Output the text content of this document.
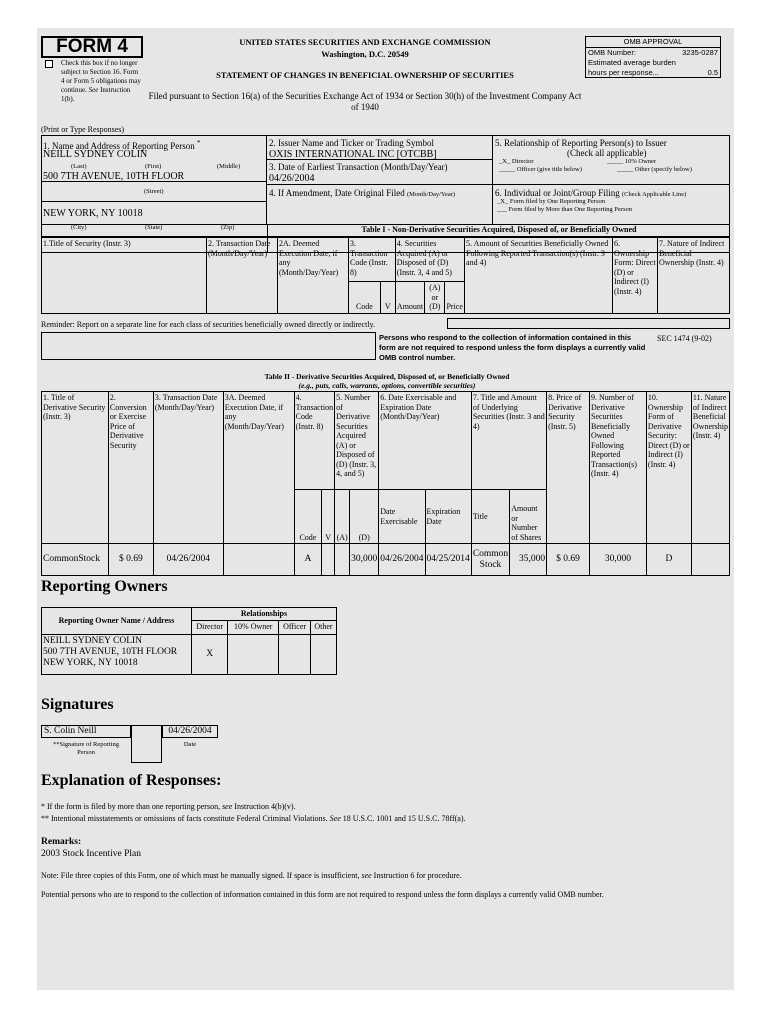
FORM 4
Check this box if no longer subject to Section 16. Form 4 or Form 5 obligations may continue. See Instruction 1(b).
UNITED STATES SECURITIES AND EXCHANGE COMMISSION
Washington, D.C. 20549
STATEMENT OF CHANGES IN BENEFICIAL OWNERSHIP OF SECURITIES
Filed pursuant to Section 16(a) of the Securities Exchange Act of 1934 or Section 30(h) of the Investment Company Act of 1940
OMB APPROVAL
OMB Number:	3235-0287
Estimated average burden
hours per response...	0.5
(Print or Type Responses)
1. Name and Address of Reporting Person *
NEILL SYDNEY COLIN
(Last)	(First)	(Middle)
500 7TH AVENUE, 10TH FLOOR
(Street)
NEW YORK, NY 10018
(City)	(State)	(Zip)
2. Issuer Name and Ticker or Trading Symbol
OXIS INTERNATIONAL INC [OTCBB]
3. Date of Earliest Transaction (Month/Day/Year)
04/26/2004
4. If Amendment, Date Original Filed (Month/Day/Year)
5. Relationship of Reporting Person(s) to Issuer
(Check all applicable)
_X_ Director	_____ 10% Owner
_____ Officer (give title below)	_____ Other (specify below)
6. Individual or Joint/Group Filing (Check Applicable Line)
_X_ Form filed by One Reporting Person
___ Form filed by More than One Reporting Person
Table I - Non-Derivative Securities Acquired, Disposed of, or Beneficially Owned
1.Title of Security (Instr. 3)	2. Transaction Date (Month/Day/Year)	2A. Deemed Execution Date, if any (Month/Day/Year)	3. Transaction Code (Instr. 8)		4. Securities Acquired (A) or Disposed of (D) (Instr. 3, 4 and 5)			5. Amount of Securities Beneficially Owned Following Reported Transaction(s) (Instr. 3 and 4)	6. Ownership Form: Direct (D) or Indirect (I) (Instr. 4)	7. Nature of Indirect Beneficial Ownership (Instr. 4)
			Code	V	Amount	(A) or (D)	Price			
Reminder: Report on a separate line for each class of securities beneficially owned directly or indirectly.
Persons who respond to the collection of information contained in this form are not required to respond unless the form displays a currently valid OMB control number.
SEC 1474 (9-02)
Table II - Derivative Securities Acquired, Disposed of, or Beneficially Owned
(e.g., puts, calls, warrants, options, convertible securities)
1. Title of Derivative Security (Instr. 3)	2. Conversion or Exercise Price of Derivative Security	3. Transaction Date (Month/Day/Year)	3A. Deemed Execution Date, if any (Month/Day/Year)	4. Transaction Code (Instr. 8)		5. Number of Derivative Securities Acquired (A) or Disposed of (D) (Instr. 3, 4, and 5)		6. Date Exercisable and Expiration Date (Month/Day/Year)		7. Title and Amount of Underlying Securities (Instr. 3 and 4)		8. Price of Derivative Security (Instr. 5)	9. Number of Derivative Securities Beneficially Owned Following Reported Transaction(s) (Instr. 4)	10. Ownership Form of Derivative Security: Direct (D) or Indirect (I) (Instr. 4)	11. Nature of Indirect Beneficial Ownership (Instr. 4)
				Code	V	(A)	(D)	Date Exercisable	Expiration Date	Title	Amount or Number of Shares				
CommonStock	$ 0.69	04/26/2004		A			30,000	04/26/2004	04/25/2014	Common Stock	35,000	$ 0.69	30,000	D	
Reporting Owners
Reporting Owner Name / Address	Relationships			
	Director	10% Owner	Officer	Other

NEILL SYDNEY COLIN
500 7TH AVENUE, 10TH FLOOR
NEW YORK, NY 10018	X			
Signatures
S. Colin Neill	04/26/2004
**Signature of Reporting Person
Date
Explanation of Responses:
* If the form is filed by more than one reporting person, see Instruction 4(b)(v).
** Intentional misstatements or omissions of facts constitute Federal Criminal Violations. See 18 U.S.C. 1001 and 15 U.S.C. 78ff(a).
Remarks:
2003 Stock Incentive Plan
Note: File three copies of this Form, one of which must be manually signed. If space is insufficient, see Instruction 6 for procedure.
Potential persons who are to respond to the collection of information contained in this form are not required to respond unless the form displays a currently valid OMB number.
